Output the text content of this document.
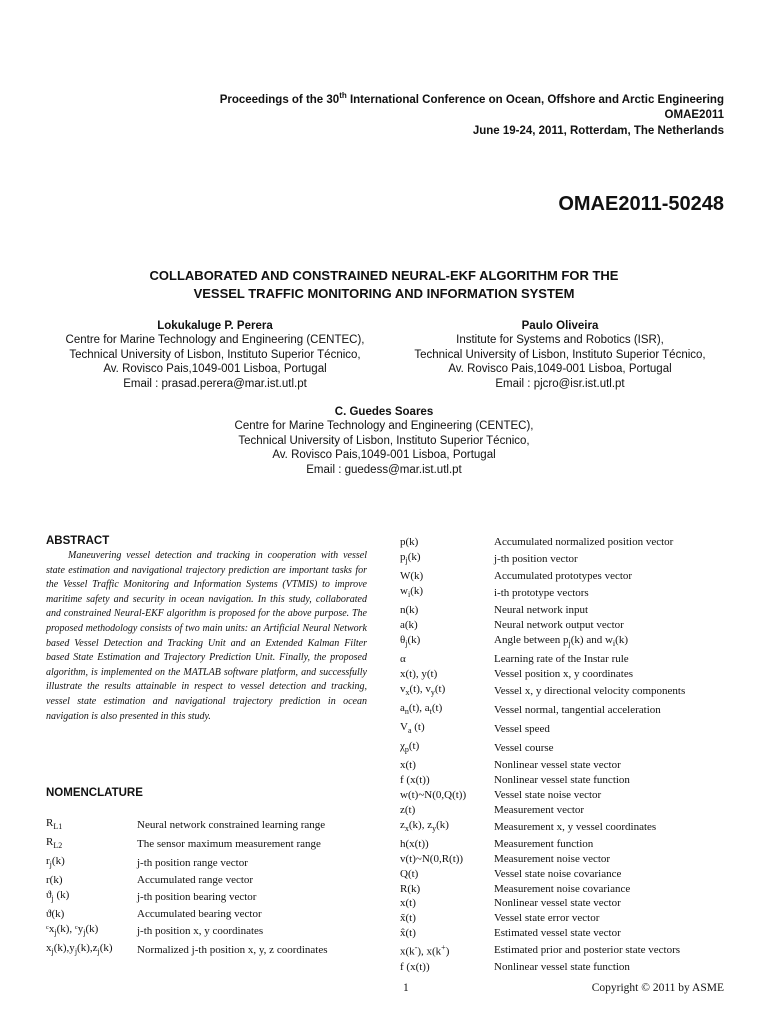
Proceedings of the 30th International Conference on Ocean, Offshore and Arctic Engineering
OMAE2011
June 19-24, 2011, Rotterdam, The Netherlands
OMAE2011-50248
COLLABORATED AND CONSTRAINED NEURAL-EKF ALGORITHM FOR THE
VESSEL TRAFFIC MONITORING AND INFORMATION SYSTEM
Lokukaluge P. Perera
Centre for Marine Technology and Engineering (CENTEC),
Technical University of Lisbon, Instituto Superior Técnico,
Av. Rovisco Pais,1049-001 Lisboa, Portugal
Email : prasad.perera@mar.ist.utl.pt
Paulo Oliveira
Institute for Systems and Robotics (ISR),
Technical University of Lisbon, Instituto Superior Técnico,
Av. Rovisco Pais,1049-001 Lisboa, Portugal
Email : pjcro@isr.ist.utl.pt
C. Guedes Soares
Centre for Marine Technology and Engineering (CENTEC),
Technical University of Lisbon, Instituto Superior Técnico,
Av. Rovisco Pais,1049-001 Lisboa, Portugal
Email : guedess@mar.ist.utl.pt
ABSTRACT

Maneuvering vessel detection and tracking in cooperation with vessel state estimation and navigational trajectory prediction are important tasks for the Vessel Traffic Monitoring and Information Systems (VTMIS) to improve maritime safety and security in ocean navigation. In this study, collaborated and constrained Neural-EKF algorithm is proposed for the above purpose. The proposed methodology consists of two main units: an Artificial Neural Network based Vessel Detection and Tracking Unit and an Extended Kalman Filter based State Estimation and Trajectory Prediction Unit. Finally, the proposed algorithm, is implemented on the MATLAB software platform, and successfully illustrate the results attainable in respect to vessel detection and tracking, vessel state estimation and navigational trajectory prediction in ocean navigation is also presented in this study.

NOMENCLATURE
$R_{L1}$	Neural network constrained learning range
$R_{L2}$	The sensor maximum measurement range
$r_j(k)$	j-th position range vector
r(k)	Accumulated range vector
$ϑ_j$ (k)	j-th position bearing vector
ϑ(k)	Accumulated bearing vector
ᶜx$_j$(k), ᶜy$_j$(k)	j-th position x, y coordinates
$x_j(k),y_j(k),z_j(k)$	Normalized j-th position x, y, z coordinates
p(k)	Accumulated normalized position vector
$p_j(k)$	j-th position vector
W(k)	Accumulated prototypes vector
$w_i(k)$	i-th prototype vectors
n(k)	Neural network input
a(k)	Neural network output vector
$\theta_j(k)$	Angle between $p_j(k)$ and $w_i(k)$
α	Learning rate of the Instar rule
x(t), y(t)	Vessel position x, y coordinates
$v_x(t)$, $v_y(t)$	Vessel x, y directional velocity components
$a_n(t)$, $a_t(t)$	Vessel normal, tangential acceleration
$V_a$ (t)	Vessel speed
$\chi_p(t)$	Vessel course
x(t)	Nonlinear vessel state vector
f (x(t))	Nonlinear vessel state function
w(t)~N(0,Q(t))	Vessel state noise vector
z(t)	Measurement vector
$z_x(k)$, $z_y(k)$	Measurement x, y vessel coordinates
h(x(t))	Measurement function
v(t)~N(0,R(t))	Measurement noise vector
Q(t)	Vessel state noise covariance
R(k)	Measurement noise covariance
x(t)	Nonlinear vessel state vector
x̃(t)	Vessel state error vector
x̂(t)	Estimated vessel state vector
x(k-), x(k+)	Estimated prior and posterior state vectors
f (x(t))	Nonlinear vessel state function
1	Copyright © 2011 by ASME
